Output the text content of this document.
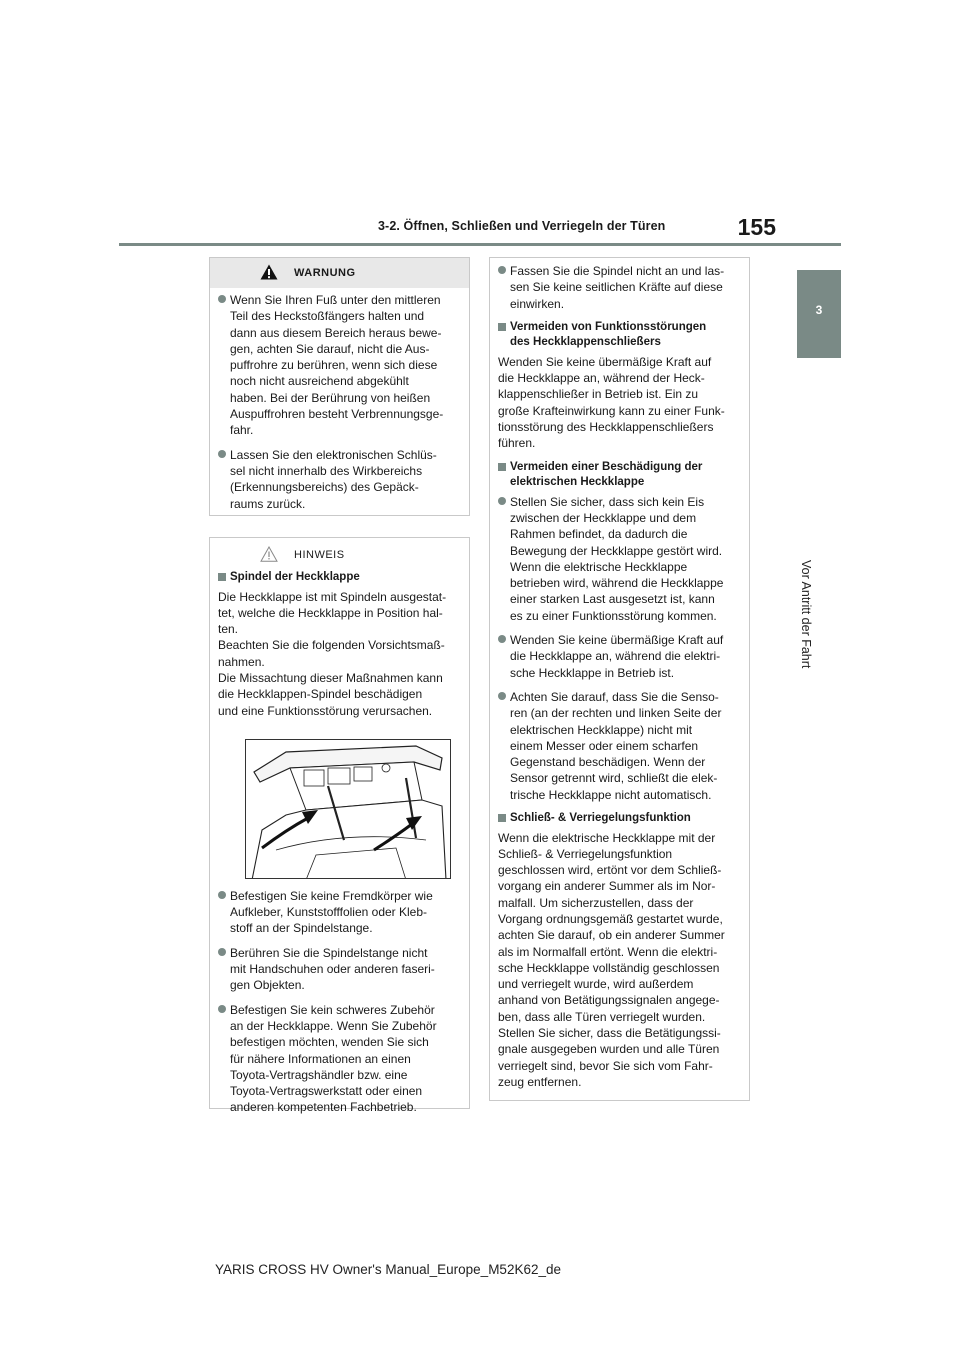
3-2. Öffnen, Schließen und Verriegeln der Türen	155
3
Vor Antritt der Fahrt
WARNUNG
Wenn Sie Ihren Fuß unter den mittleren
Teil des Heckstoßfängers halten und
dann aus diesem Bereich heraus bewe-
gen, achten Sie darauf, nicht die Aus-
puffrohre zu berühren, wenn sich diese
noch nicht ausreichend abgekühlt
haben. Bei der Berührung von heißen
Auspuffrohren besteht Verbrennungsge-
fahr.
Lassen Sie den elektronischen Schlüs-
sel nicht innerhalb des Wirkbereichs
(Erkennungsbereichs) des Gepäck-
raums zurück.
HINWEIS
Spindel der Heckklappe
Die Heckklappe ist mit Spindeln ausgestat-
tet, welche die Heckklappe in Position hal-
ten.
Beachten Sie die folgenden Vorsichtsmaß-
nahmen.
Die Missachtung dieser Maßnahmen kann
die Heckklappen-Spindel beschädigen
und eine Funktionsstörung verursachen.
Befestigen Sie keine Fremdkörper wie
Aufkleber, Kunststofffolien oder Kleb-
stoff an der Spindelstange.
Berühren Sie die Spindelstange nicht
mit Handschuhen oder anderen faseri-
gen Objekten.
Befestigen Sie kein schweres Zubehör
an der Heckklappe. Wenn Sie Zubehör
befestigen möchten, wenden Sie sich
für nähere Informationen an einen
Toyota-Vertragshändler bzw. eine
Toyota-Vertragswerkstatt oder einen
anderen kompetenten Fachbetrieb.
Fassen Sie die Spindel nicht an und las-
sen Sie keine seitlichen Kräfte auf diese
einwirken.
Vermeiden von Funktionsstörungen
des Heckklappenschließers
Wenden Sie keine übermäßige Kraft auf
die Heckklappe an, während der Heck-
klappenschließer in Betrieb ist. Ein zu
große Krafteinwirkung kann zu einer Funk-
tionsstörung des Heckklappenschließers
führen.
Vermeiden einer Beschädigung der
elektrischen Heckklappe
Stellen Sie sicher, dass sich kein Eis
zwischen der Heckklappe und dem
Rahmen befindet, da dadurch die
Bewegung der Heckklappe gestört wird.
Wenn die elektrische Heckklappe
betrieben wird, während die Heckklappe
einer starken Last ausgesetzt ist, kann
es zu einer Funktionsstörung kommen.
Wenden Sie keine übermäßige Kraft auf
die Heckklappe an, während die elektri-
sche Heckklappe in Betrieb ist.
Achten Sie darauf, dass Sie die Senso-
ren (an der rechten und linken Seite der
elektrischen Heckklappe) nicht mit
einem Messer oder einem scharfen
Gegenstand beschädigen. Wenn der
Sensor getrennt wird, schließt die elek-
trische Heckklappe nicht automatisch.
Schließ- & Verriegelungsfunktion
Wenn die elektrische Heckklappe mit der
Schließ- & Verriegelungsfunktion
geschlossen wird, ertönt vor dem Schließ-
vorgang ein anderer Summer als im Nor-
malfall. Um sicherzustellen, dass der
Vorgang ordnungsgemäß gestartet wurde,
achten Sie darauf, ob ein anderer Summer
als im Normalfall ertönt. Wenn die elektri-
sche Heckklappe vollständig geschlossen
und verriegelt wurde, wird außerdem
anhand von Betätigungssignalen angege-
ben, dass alle Türen verriegelt wurden.
Stellen Sie sicher, dass die Betätigungssi-
gnale ausgegeben wurden und alle Türen
verriegelt sind, bevor Sie sich vom Fahr-
zeug entfernen.
YARIS CROSS HV Owner's Manual_Europe_M52K62_de
